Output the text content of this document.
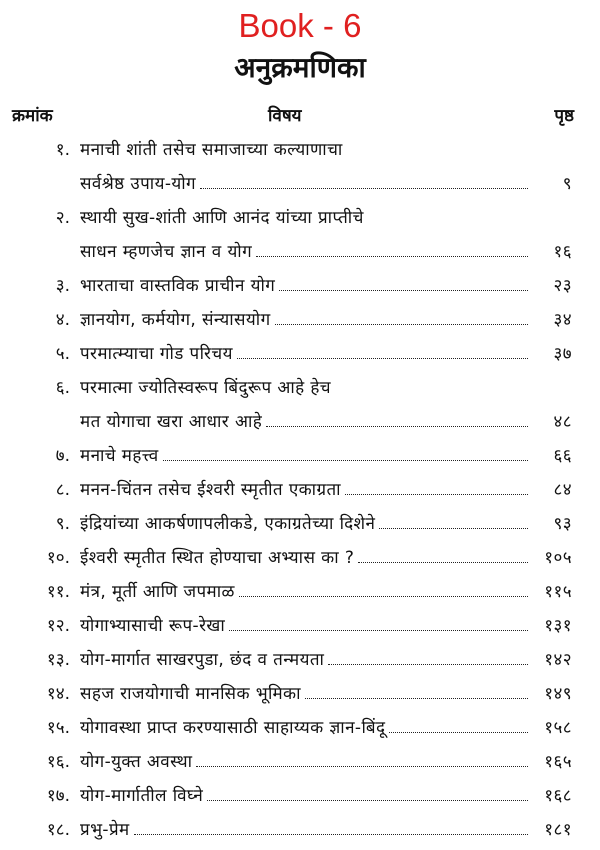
Book - 6
अनुक्रमणिका
क्रमांक	विषय	पृष्ठ
१. मनाची शांती तसेच समाजाच्या कल्याणाचा
सर्वश्रेष्ठ उपाय-योग	९
२. स्थायी सुख-शांती आणि आनंद यांच्या प्राप्तीचे
साधन म्हणजेच ज्ञान व योग	१६
३. भारताचा वास्तविक प्राचीन योग	२३
४. ज्ञानयोग, कर्मयोग, संन्यासयोग	३४
५. परमात्म्याचा गोड परिचय	३७
६. परमात्मा ज्योतिस्वरूप बिंदुरूप आहे हेच
मत योगाचा खरा आधार आहे	४८
७. मनाचे महत्त्व	६६
८. मनन-चिंतन तसेच ईश्वरी स्मृतीत एकाग्रता	८४
९. इंद्रियांच्या आकर्षणापलीकडे, एकाग्रतेच्या दिशेने	९३
१०. ईश्वरी स्मृतीत स्थित होण्याचा अभ्यास का ?	१०५
११. मंत्र, मूर्ती आणि जपमाळ	११५
१२. योगाभ्यासाची रूप-रेखा	१३१
१३. योग-मार्गात साखरपुडा, छंद व तन्मयता	१४२
१४. सहज राजयोगाची मानसिक भूमिका	१४९
१५. योगावस्था प्राप्त करण्यासाठी साहाय्यक ज्ञान-बिंदू	१५८
१६. योग-युक्त अवस्था	१६५
१७. योग-मार्गातील विघ्ने	१६८
१८. प्रभु-प्रेम	१८१
